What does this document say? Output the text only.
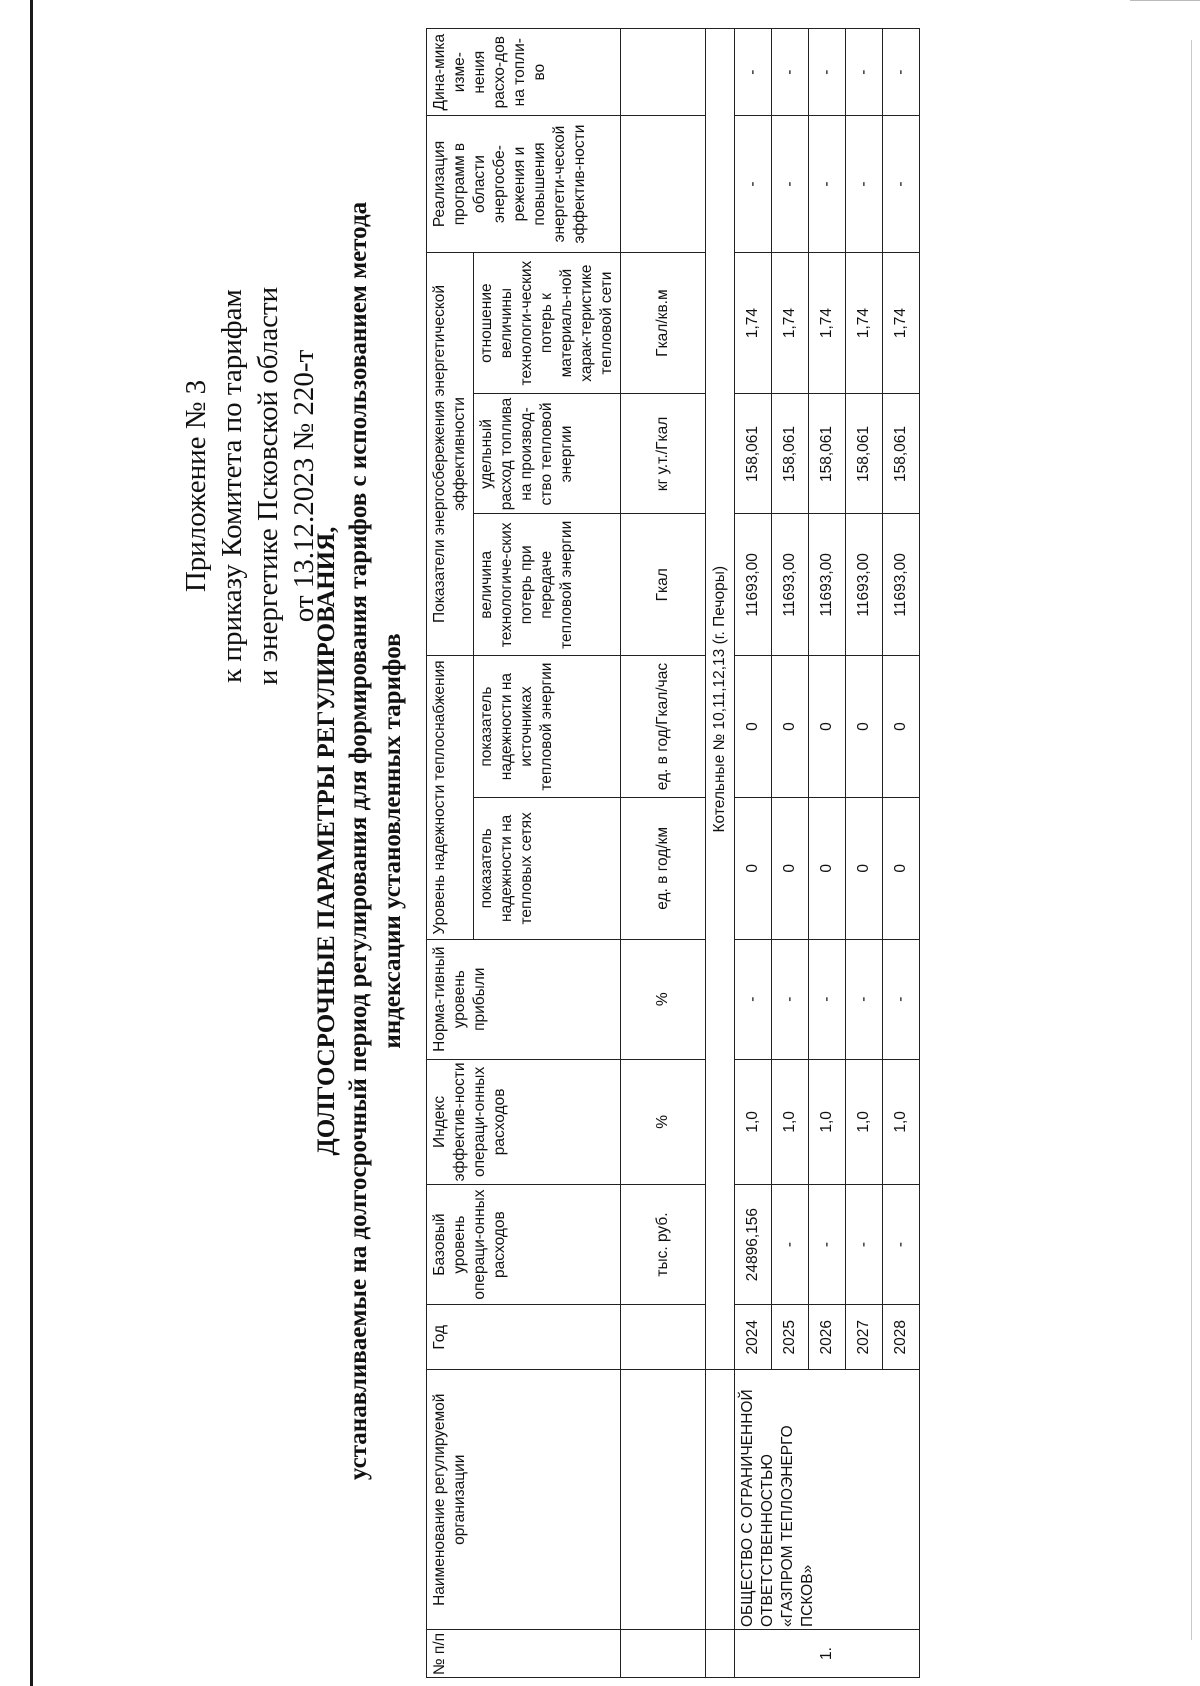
Приложение № 3 к приказу Комитета по тарифам и энергетике Псковской области от 13.12.2023 № 220-т
ДОЛГОСРОЧНЫЕ ПАРАМЕТРЫ РЕГУЛИРОВАНИЯ, устанавливаемые на долгосрочный период регулирования для формирования тарифов с использованием метода индексации установленных тарифов
№ п/п	Наименование регулируемой организации	Год	Базовый уровень операци-онных расходов	Индекс эффектив-ности операци-онных расходов	Норма-тивный уровень прибыли	Уровень надежности теплоснабжения		Показатели энергосбережения энергетической эффективности			Реализация программ в области энергосбе-режения и повышения энергети-ческой эффектив-ности	Дина-мика изме-нения расхо-дов на топли-во
						показатель надежности на тепловых сетях	показатель надежности на источниках тепловой энергии	величина технологиче-ских потерь при передаче тепловой энергии	удельный расход топлива на производ-ство тепловой энергии	отношение величины технологи-ческих потерь к материаль-ной харак-теристике тепловой сети		
			тыс. руб.	%	%	ед. в год/км	ед. в год/Гкал/час	Гкал	кг у.т./Гкал	Гкал/кв.м		
		Котельные № 10,11,12,13 (г. Печоры)										
1.	ОБЩЕСТВО С ОГРАНИЧЕННОЙ ОТВЕТСТВЕННОСТЬЮ «ГАЗПРОМ ТЕПЛОЭНЕРГО ПСКОВ»	2024	24896,156	1,0	-	0	0	11693,00	158,061	1,74	-	-
		2025	-	1,0	-	0	0	11693,00	158,061	1,74	-	-
		2026	-	1,0	-	0	0	11693,00	158,061	1,74	-	-
		2027	-	1,0	-	0	0	11693,00	158,061	1,74	-	-
		2028	-	1,0	-	0	0	11693,00	158,061	1,74	-	-
